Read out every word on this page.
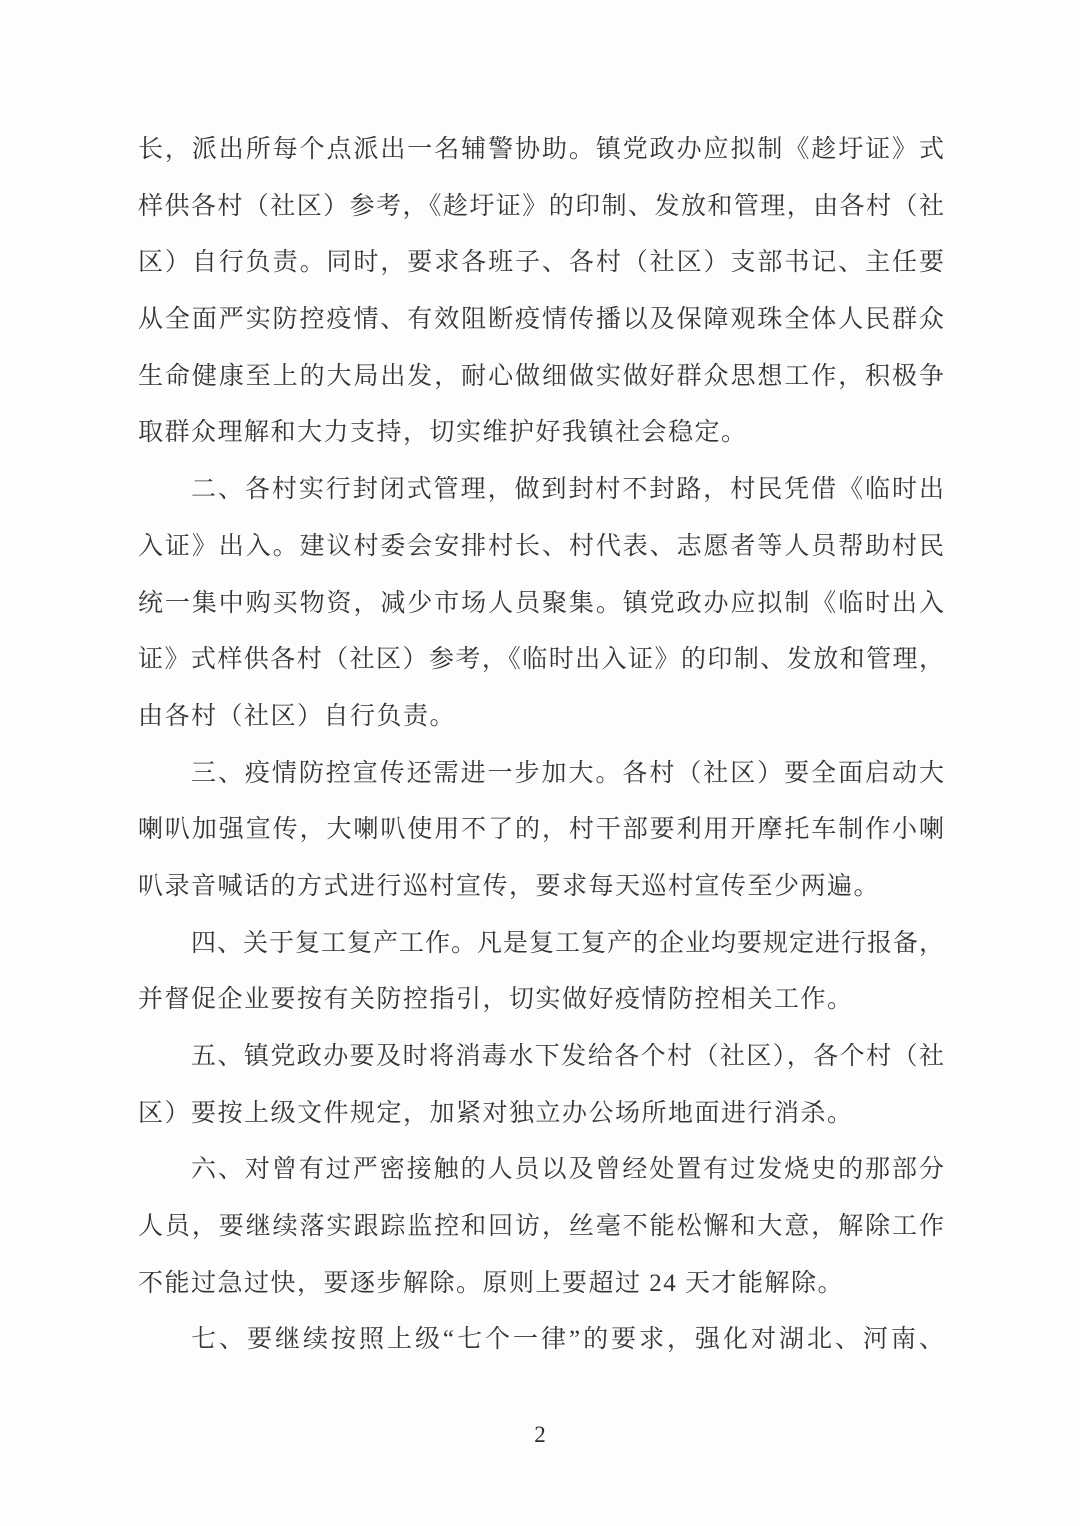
长，派出所每个点派出一名辅警协助。镇党政办应拟制《趁圩证》式
样供各村（社区）参考，《趁圩证》的印制、发放和管理，由各村（社
区）自行负责。同时，要求各班子、各村（社区）支部书记、主任要
从全面严实防控疫情、有效阻断疫情传播以及保障观珠全体人民群众
生命健康至上的大局出发，耐心做细做实做好群众思想工作，积极争
取群众理解和大力支持，切实维护好我镇社会稳定。
二、各村实行封闭式管理，做到封村不封路，村民凭借《临时出
入证》出入。建议村委会安排村长、村代表、志愿者等人员帮助村民
统一集中购买物资，减少市场人员聚集。镇党政办应拟制《临时出入
证》式样供各村（社区）参考，《临时出入证》的印制、发放和管理，
由各村（社区）自行负责。
三、疫情防控宣传还需进一步加大。各村（社区）要全面启动大
喇叭加强宣传，大喇叭使用不了的，村干部要利用开摩托车制作小喇
叭录音喊话的方式进行巡村宣传，要求每天巡村宣传至少两遍。
四、关于复工复产工作。凡是复工复产的企业均要规定进行报备，
并督促企业要按有关防控指引，切实做好疫情防控相关工作。
五、镇党政办要及时将消毒水下发给各个村（社区），各个村（社
区）要按上级文件规定，加紧对独立办公场所地面进行消杀。
六、对曾有过严密接触的人员以及曾经处置有过发烧史的那部分
人员，要继续落实跟踪监控和回访，丝毫不能松懈和大意，解除工作
不能过急过快，要逐步解除。原则上要超过 24 天才能解除。
七、要继续按照上级“七个一律”的要求，强化对湖北、河南、
2
